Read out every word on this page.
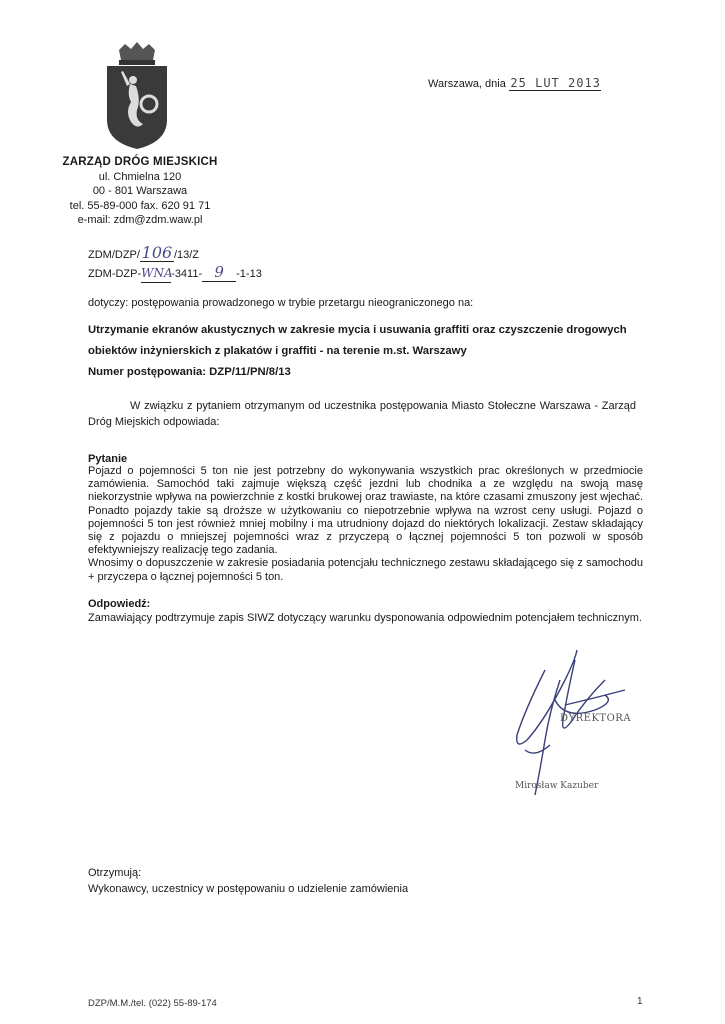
ZARZĄD DRÓG MIEJSKICH
ul. Chmielna 120
00 - 801 Warszawa
tel. 55-89-000 fax. 620 91 71
e-mail: zdm@zdm.waw.pl
Warszawa, dnia 25 LUT 2013
ZDM/DZP/ 106 /13/Z
ZDM-DZP-WNA-3411- 9 -1-13
dotyczy: postępowania prowadzonego w trybie przetargu nieograniczonego na:
Utrzymanie ekranów akustycznych w zakresie mycia i usuwania graffiti oraz czyszczenie drogowych
obiektów inżynierskich z plakatów i graffiti - na terenie m.st. Warszawy
Numer postępowania: DZP/11/PN/8/13
W związku z pytaniem otrzymanym od uczestnika postępowania Miasto Stołeczne Warszawa - Zarząd Dróg Miejskich odpowiada:
Pytanie

Pojazd o pojemności 5 ton nie jest potrzebny do wykonywania wszystkich prac określonych w przedmiocie zamówienia. Samochód taki zajmuje większą część jezdni lub chodnika a ze względu na swoją masę niekorzystnie wpływa na powierzchnie z kostki brukowej oraz trawiaste, na które czasami zmuszony jest wjechać. Ponadto pojazdy takie są droższe w użytkowaniu co niepotrzebnie wpływa na wzrost ceny usługi. Pojazd o pojemności 5 ton jest również mniej mobilny i ma utrudniony dojazd do niektórych lokalizacji. Zestaw składający się z pojazdu o mniejszej pojemności wraz z przyczepą o łącznej pojemności 5 ton pozwoli w sposób efektywniejszy realizację tego zadania.

Wnosimy o dopuszczenie w zakresie posiadania potencjału technicznego zestawu składającego się z samochodu + przyczepa o łącznej pojemności 5 ton.

Odpowiedź:
Zamawiający podtrzymuje zapis SIWZ dotyczący warunku dysponowania odpowiednim potencjałem technicznym.
DYREKTORA
Mirosław Kazuber
Otrzymują:
Wykonawcy, uczestnicy w postępowaniu o udzielenie zamówienia
DZP/M.M./tel. (022) 55-89-174	1
